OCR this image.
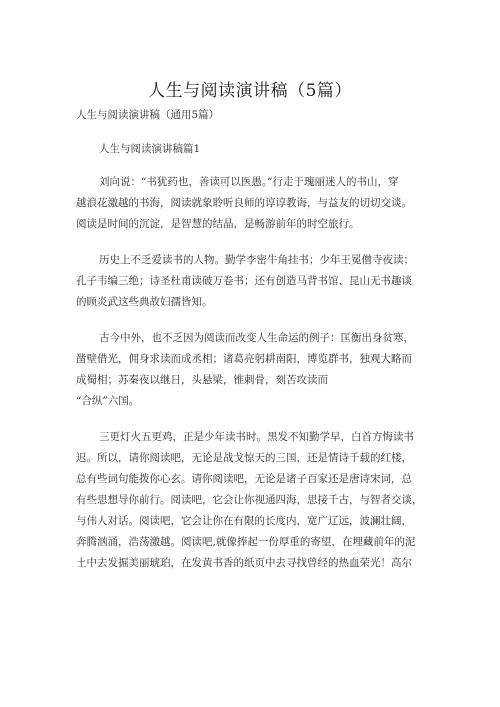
人生与阅读演讲稿（5篇）
人生与阅读演讲稿（通用5篇）
人生与阅读演讲稿篇1

刘向说：“书犹药也，善读可以医愚。”行走于瑰丽迷人的书山，穿
越浪花激越的书海，阅读就象聆听良师的谆谆教诲，与益友的切切交谈。
阅读是时间的沉淀，是智慧的结晶，是畅游前年的时空旅行。

历史上不乏爱读书的人物。勤学李密牛角挂书；少年王冕僧寺夜读；
孔子韦编三绝；诗圣杜甫读破万卷书；还有创造马背书馆、昆山无书趣谈
的顾炎武这些典故妇孺皆知。

古今中外，也不乏因为阅读而改变人生命运的例子：匡衡出身贫寒，
凿壁借光，佣身求读而成丞相；诸葛亮躬耕南阳，博览群书，独观大略而
成蜀相；苏秦夜以继日，头悬梁，锥刺骨，刻苦攻读而
“合纵”六国。

三更灯火五更鸡，正是少年读书时。黑发不知勤学早，白首方悔读书
迟。所以，请你阅读吧，无论是战戈惊天的三国，还是情诗千载的红楼，
总有些词句能拨你心玄。请你阅读吧，无论是诸子百家还是唐诗宋词，总
有些思想导你前行。阅读吧，它会让你视通四海，思接千古，与智者交谈，
与伟人对话。阅读吧，它会让你在有限的长度内，宽广辽远，波澜壮阔，
奔腾汹涌，浩荡激越。阅读吧,就像捧起一份厚重的寄望，在埋藏前年的泥
土中去发掘美丽琥珀，在发黄书香的纸页中去寻找曾经的热血荣光！高尔
